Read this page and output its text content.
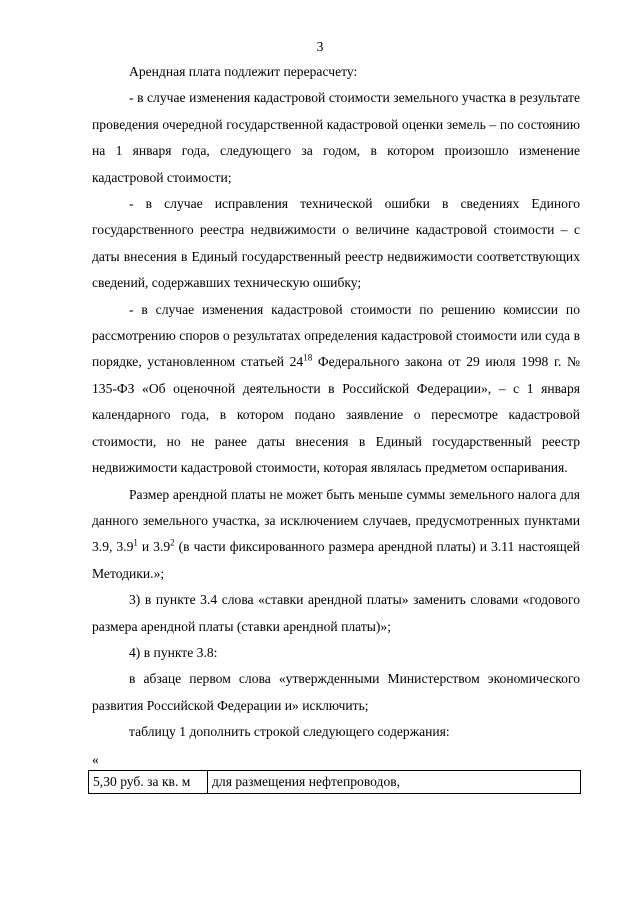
3

Арендная плата подлежит перерасчету:

- в случае изменения кадастровой стоимости земельного участка в результате проведения очередной государственной кадастровой оценки земель – по состоянию на 1 января года, следующего за годом, в котором произошло изменение кадастровой стоимости;

- в случае исправления технической ошибки в сведениях Единого государственного реестра недвижимости о величине кадастровой стоимости – с даты внесения в Единый государственный реестр недвижимости соответствующих сведений, содержавших техническую ошибку;

- в случае изменения кадастровой стоимости по решению комиссии по рассмотрению споров о результатах определения кадастровой стоимости или суда в порядке, установленном статьей $24^{18}$ Федерального закона от 29 июля 1998 г. № 135-ФЗ «Об оценочной деятельности в Российской Федерации», – с 1 января календарного года, в котором подано заявление о пересмотре кадастровой стоимости, но не ранее даты внесения в Единый государственный реестр недвижимости кадастровой стоимости, которая являлась предметом оспаривания.

Размер арендной платы не может быть меньше суммы земельного налога для данного земельного участка, за исключением случаев, предусмотренных пунктами 3.9, $3.9^1$ и $3.9^2$ (в части фиксированного размера арендной платы) и 3.11 настоящей Методики.»;

3) в пункте 3.4 слова «ставки арендной платы» заменить словами «годового размера арендной платы (ставки арендной платы)»;

4) в пункте 3.8:

в абзаце первом слова «утвержденными Министерством экономического развития Российской Федерации и» исключить;

таблицу 1 дополнить строкой следующего содержания:

«
5,30 руб. за кв. м	для размещения нефтепроводов,
